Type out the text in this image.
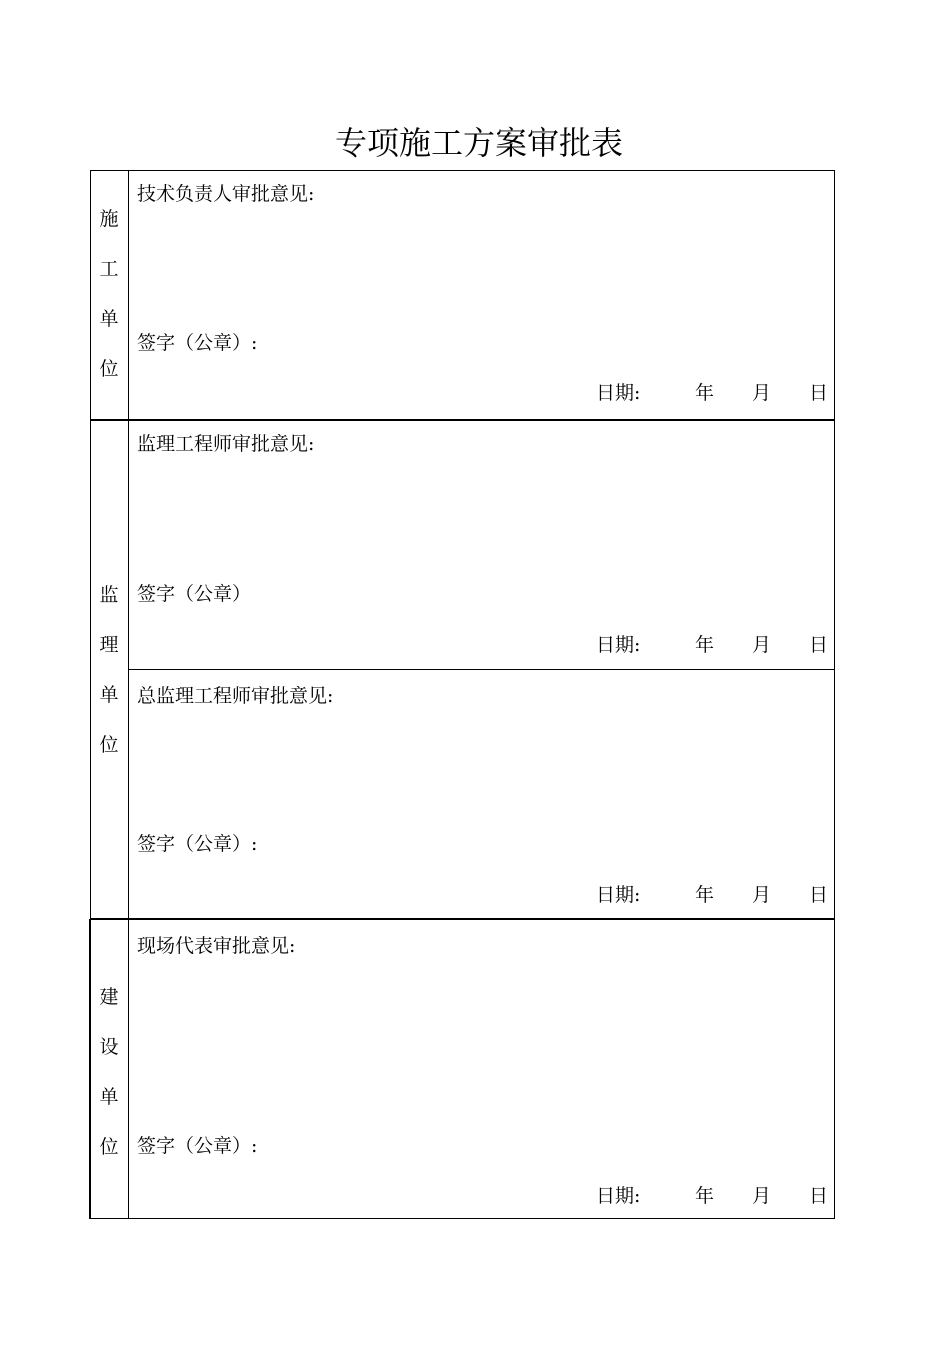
专项施工方案审批表
施
工
单
位
技术负责人审批意见:
签字（公章）:
日期:	年 月 日
监
理
单
位
监理工程师审批意见:
签字（公章）
日期:	年 月 日
总监理工程师审批意见:
签字（公章）:
日期:	年 月 日
建
设
单
位
现场代表审批意见:
签字（公章）:
日期:	年 月 日
